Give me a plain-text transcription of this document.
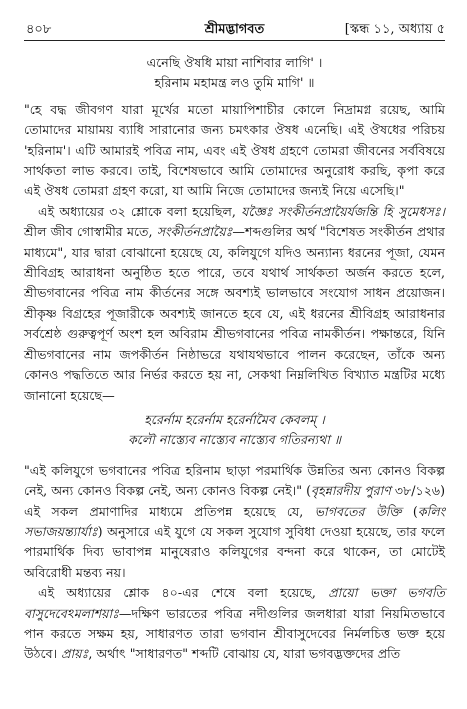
৪০৮	শ্রীমদ্ভাগবত	[স্কন্ধ ১১, অধ্যায় ৫

এনেছি ঔষধি মায়া নাশিবার লাগি' ।

হরিনাম মহামন্ত্র লও তুমি মাগি' ॥

"হে বদ্ধ জীবগণ যারা মূর্খের মতো মায়াপিশাচীর কোলে নিদ্রামগ্ন রয়েছ, আমি তোমাদের মায়াময় ব্যাধি সারানোর জন্য চমৎকার ঔষধ এনেছি। এই ঔষধের পরিচয় 'হরিনাম'। এটি আমারই পবিত্র নাম, এবং এই ঔষধ গ্রহণে তোমরা জীবনের সর্ববিষয়ে সার্থকতা লাভ করবে। তাই, বিশেষভাবে আমি তোমাদের অনুরোধ করছি, কৃপা করে এই ঔষধ তোমরা গ্রহণ করো, যা আমি নিজে তোমাদের জন্যই নিয়ে এসেছি।"

এই অধ্যায়ের ৩২ শ্লোকে বলা হয়েছিল, যজ্ঞৈঃ সংকীর্তনপ্রায়ৈর্যজন্তি হি সুমেধসঃ। শ্রীল জীব গোস্বামীর মতে, সংকীর্তনপ্রায়ৈঃ—শব্দগুলির অর্থ "বিশেষত সংকীর্তন প্রথার মাধ্যমে", যার দ্বারা বোঝানো হয়েছে যে, কলিযুগে যদিও অন্যান্য ধরনের পূজা, যেমন শ্রীবিগ্রহ আরাধনা অনুষ্ঠিত হতে পারে, তবে যথার্থ সার্থকতা অর্জন করতে হলে, শ্রীভগবানের পবিত্র নাম কীর্তনের সঙ্গে অবশ্যই ভালভাবে সংযোগ সাধন প্রয়োজন। শ্রীকৃষ্ণ বিগ্রহের পূজারীকে অবশ্যই জানতে হবে যে, এই ধরনের শ্রীবিগ্রহ আরাধনার সর্বশ্রেষ্ঠ গুরুত্বপূর্ণ অংশ হল অবিরাম শ্রীভগবানের পবিত্র নামকীর্তন। পক্ষান্তরে, যিনি শ্রীভগবানের নাম জপকীর্তন নিষ্ঠাভরে যথাযথভাবে পালন করেছেন, তাঁকে অন্য কোনও পদ্ধতিতে আর নির্ভর করতে হয় না, সেকথা নিম্নলিখিত বিখ্যাত মন্ত্রটির মধ্যে জানানো হয়েছে—

হরের্নাম হরের্নাম হরের্নামৈব কেবলম্ ।

কলৌ নাস্ত্যেব নাস্ত্যেব নাস্ত্যেব গতিরন্যথা ॥

"এই কলিযুগে ভগবানের পবিত্র হরিনাম ছাড়া পরমার্থিক উন্নতির অন্য কোনও বিকল্প নেই, অন্য কোনও বিকল্প নেই, অন্য কোনও বিকল্প নেই।" (বৃহন্নারদীয় পুরাণ ৩৮/১২৬) এই সকল প্রমাণাদির মাধ্যমে প্রতিপন্ন হয়েছে যে, ভাগবতের উক্তি (কলিং সভাজয়ন্ত্যার্যাঃ) অনুসারে এই যুগে যে সকল সুযোগ সুবিধা দেওয়া হয়েছে, তার ফলে পারমার্থিক দিব্য ভাবাপন্ন মানুষেরাও কলিযুগের বন্দনা করে থাকেন, তা মোটেই অবিরোধী মন্তব্য নয়।

এই অধ্যায়ের শ্লোক ৪০-এর শেষে বলা হয়েছে, প্রায়ো ভক্তা ভগবতি বাসুদেবেঽমলাশয়াঃ—দক্ষিণ ভারতের পবিত্র নদীগুলির জলধারা যারা নিয়মিতভাবে পান করতে সক্ষম হয়, সাধারণত তারা ভগবান শ্রীবাসুদেবের নির্মলচিত্ত ভক্ত হয়ে উঠবে। প্রায়ঃ, অর্থাৎ "সাধারণত" শব্দটি বোঝায় যে, যারা ভগবদ্ভক্তদের প্রতি
